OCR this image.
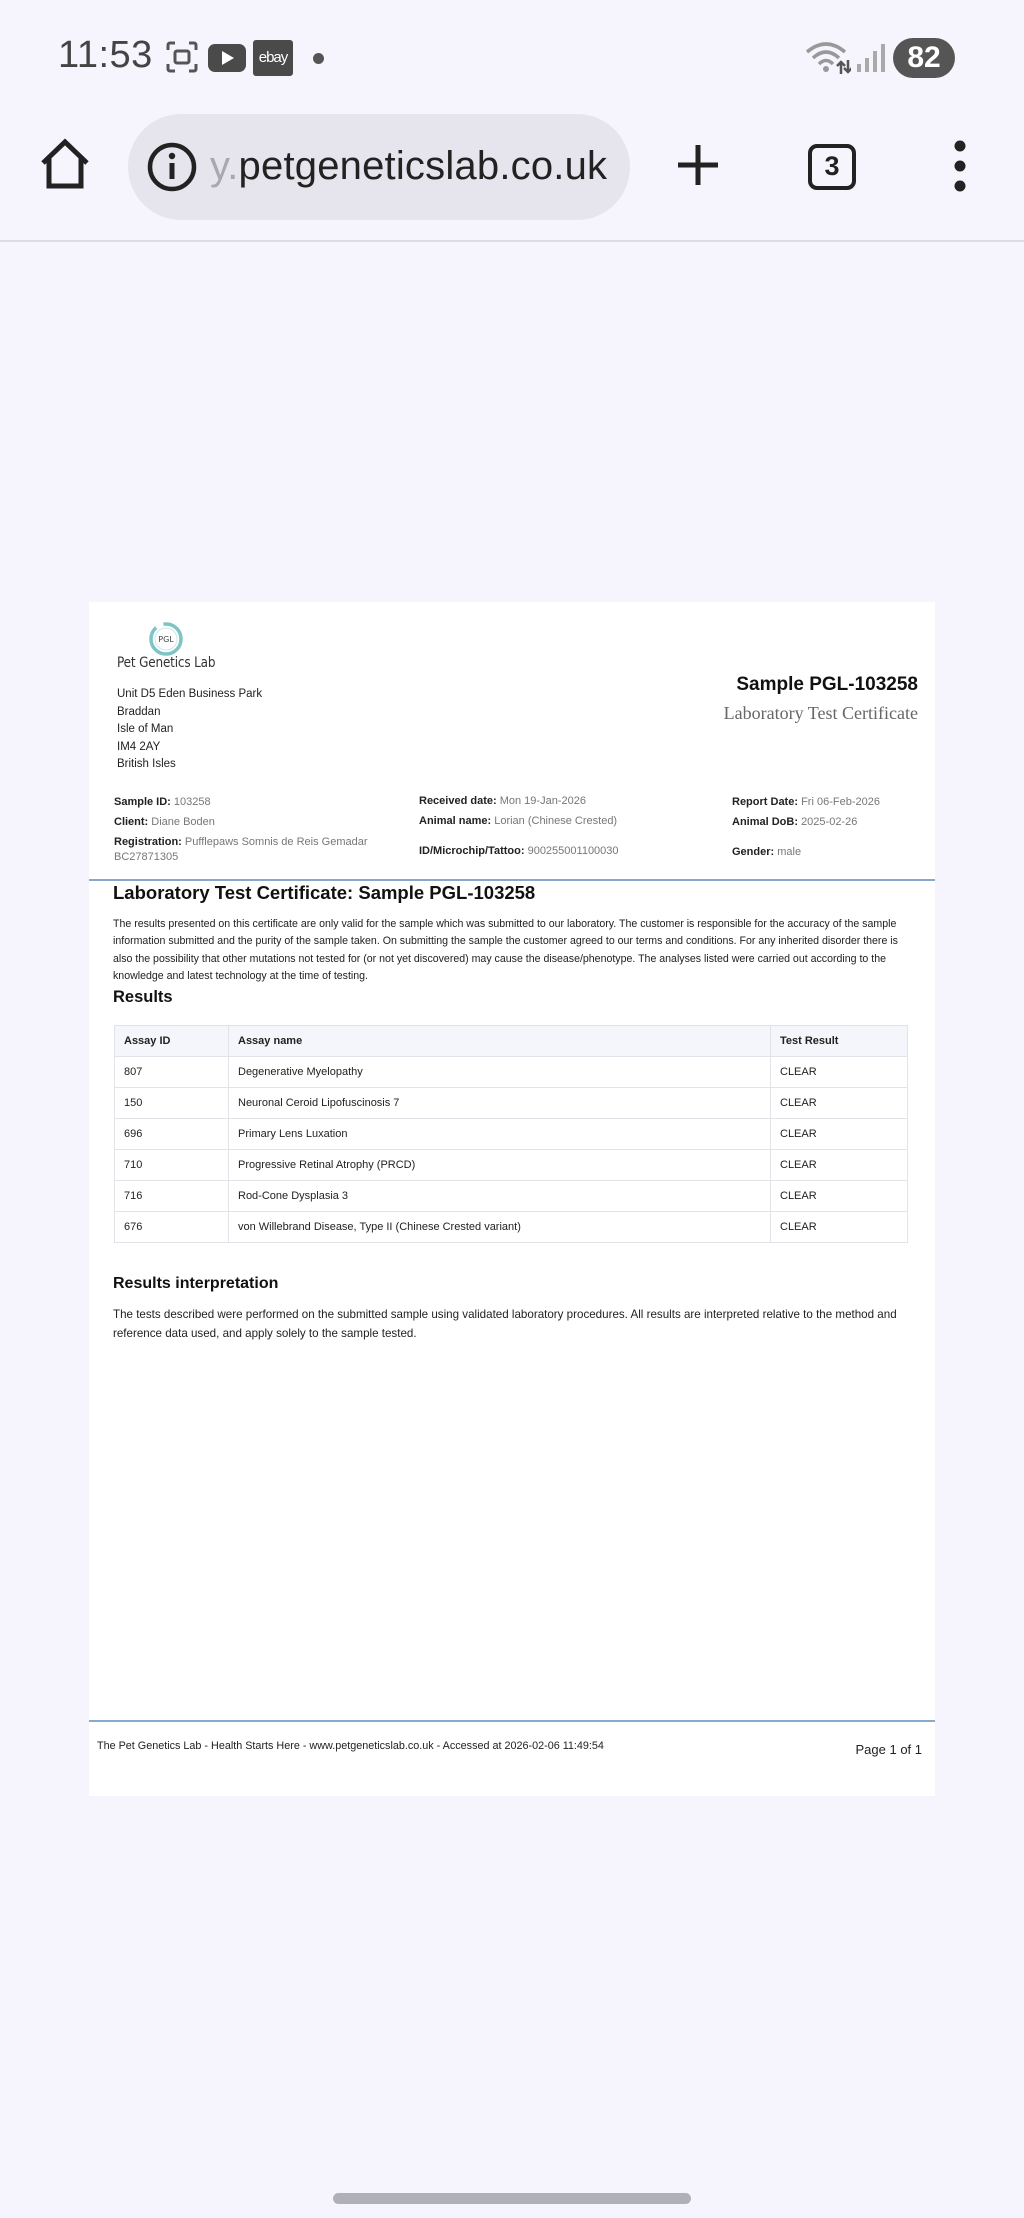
11:53	ebay	82
y.petgeneticslab.co.uk	3
PGL
Pet Genetics Lab
Unit D5 Eden Business Park
Braddan
Isle of Man
IM4 2AY
British Isles
Sample PGL-103258
Laboratory Test Certificate
Sample ID: 103258
Client: Diane Boden
Registration: Pufflepaws Somnis de Reis Gemadar
BC27871305
Received date: Mon 19-Jan-2026
Animal name: Lorian (Chinese Crested)
ID/Microchip/Tattoo: 900255001100030
Report Date: Fri 06-Feb-2026
Animal DoB: 2025-02-26
Gender: male
Laboratory Test Certificate: Sample PGL-103258
The results presented on this certificate are only valid for the sample which was submitted to our laboratory. The customer is responsible for the accuracy of the sample information submitted and the purity of the sample taken. On submitting the sample the customer agreed to our terms and conditions. For any inherited disorder there is also the possibility that other mutations not tested for (or not yet discovered) may cause the disease/phenotype. The analyses listed were carried out according to the knowledge and latest technology at the time of testing.
Results
Assay ID	Assay name	Test Result
807	Degenerative Myelopathy	CLEAR
150	Neuronal Ceroid Lipofuscinosis 7	CLEAR
696	Primary Lens Luxation	CLEAR
710	Progressive Retinal Atrophy (PRCD)	CLEAR
716	Rod-Cone Dysplasia 3	CLEAR
676	von Willebrand Disease, Type II (Chinese Crested variant)	CLEAR
Results interpretation
The tests described were performed on the submitted sample using validated laboratory procedures. All results are interpreted relative to the method and reference data used, and apply solely to the sample tested.
The Pet Genetics Lab - Health Starts Here - www.petgeneticslab.co.uk - Accessed at 2026-02-06 11:49:54	Page 1 of 1
